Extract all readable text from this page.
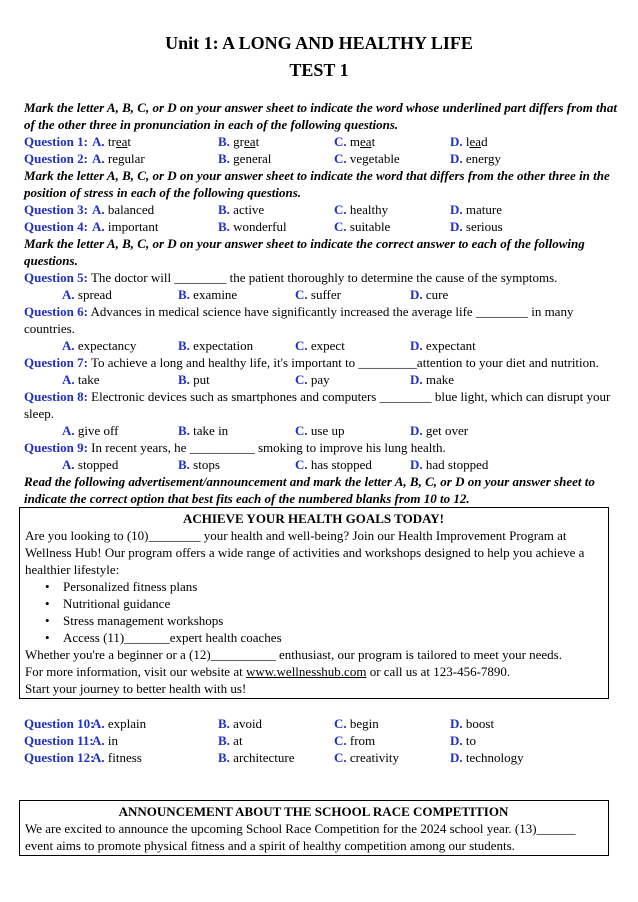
Unit 1: A LONG AND HEALTHY LIFE
TEST 1
Mark the letter A, B, C, or D on your answer sheet to indicate the word whose underlined part differs from that of the other three in pronunciation in each of the following questions.
Question 1: A. treat	B. great	C. meat	D. lead
Question 2: A. regular	B. general	C. vegetable	D. energy
Mark the letter A, B, C, or D on your answer sheet to indicate the word that differs from the other three in the position of stress in each of the following questions.
Question 3: A. balanced	B. active	C. healthy	D. mature
Question 4: A. important	B. wonderful	C. suitable	D. serious
Mark the letter A, B, C, or D on your answer sheet to indicate the correct answer to each of the following questions.
Question 5: The doctor will ________ the patient thoroughly to determine the cause of the symptoms.
A. spread	B. examine	C. suffer	D. cure
Question 6: Advances in medical science have significantly increased the average life ________ in many countries.
A. expectancy	B. expectation	C. expect	D. expectant
Question 7: To achieve a long and healthy life, it's important to _________attention to your diet and nutrition.
A. take	B. put	C. pay	D. make
Question 8: Electronic devices such as smartphones and computers ________ blue light, which can disrupt your sleep.
A. give off	B. take in	C. use up	D. get over
Question 9: In recent years, he __________ smoking to improve his lung health.
A. stopped	B. stops	C. has stopped	D. had stopped
Read the following advertisement/announcement and mark the letter A, B, C, or D on your answer sheet to indicate the correct option that best fits each of the numbered blanks from 10 to 12.
ACHIEVE YOUR HEALTH GOALS TODAY!
Are you looking to (10)________ your health and well-being? Join our Health Improvement Program at Wellness Hub! Our program offers a wide range of activities and workshops designed to help you achieve a healthier lifestyle:
• Personalized fitness plans
• Nutritional guidance
• Stress management workshops
• Access (11)_______expert health coaches
Whether you're a beginner or a (12)__________ enthusiast, our program is tailored to meet your needs.
For more information, visit our website at www.wellnesshub.com or call us at 123-456-7890.
Start your journey to better health with us!
Question 10:
A. explain	B. avoid	C. begin	D. boost
Question 11:
A. in	B. at	C. from	D. to
Question 12:
A. fitness	B. architecture	C. creativity	D. technology
ANNOUNCEMENT ABOUT THE SCHOOL RACE COMPETITION
We are excited to announce the upcoming School Race Competition for the 2024 school year. (13)______ event aims to promote physical fitness and a spirit of healthy competition among our students.
